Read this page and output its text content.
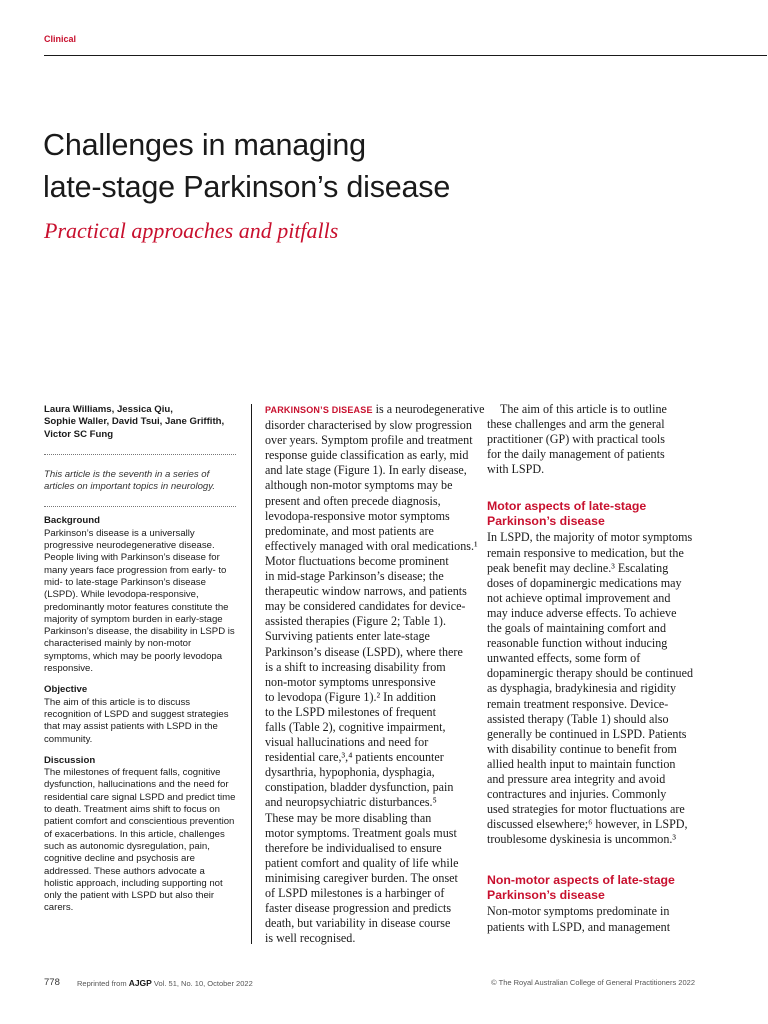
Clinical
Challenges in managing
late-stage Parkinson’s disease
Practical approaches and pitfalls

Laura Williams, Jessica Qiu,
Sophie Waller, David Tsui, Jane Griffith,
Victor SC Fung

This article is the seventh in a series of articles on important topics in neurology.

Background

Parkinson’s disease is a universally progressive neurodegenerative disease. People living with Parkinson’s disease for many years face progression from early- to mid- to late-stage Parkinson’s disease (LSPD). While levodopa-responsive, predominantly motor features constitute the majority of symptom burden in early-stage Parkinson’s disease, the disability in LSPD is characterised mainly by non-motor symptoms, which may be poorly levodopa responsive.

Objective

The aim of this article is to discuss recognition of LSPD and suggest strategies that may assist patients with LSPD in the community.

Discussion

The milestones of frequent falls, cognitive dysfunction, hallucinations and the need for residential care signal LSPD and predict time to death. Treatment aims shift to focus on patient comfort and conscientious prevention of exacerbations. In this article, challenges such as autonomic dysregulation, pain, cognitive decline and psychosis are addressed. These authors advocate a holistic approach, including supporting not only the patient with LSPD but also their carers.

PARKINSON’S DISEASE is a neurodegenerative
disorder characterised by slow progression
over years. Symptom profile and treatment
response guide classification as early, mid
and late stage (Figure 1). In early disease,
although non-motor symptoms may be
present and often precede diagnosis,
levodopa-responsive motor symptoms
predominate, and most patients are
effectively managed with oral medications.¹
Motor fluctuations become prominent
in mid-stage Parkinson’s disease; the
therapeutic window narrows, and patients
may be considered candidates for device-
assisted therapies (Figure 2; Table 1).
Surviving patients enter late-stage
Parkinson’s disease (LSPD), where there
is a shift to increasing disability from
non-motor symptoms unresponsive
to levodopa (Figure 1).² In addition
to the LSPD milestones of frequent
falls (Table 2), cognitive impairment,
visual hallucinations and need for
residential care,³,⁴ patients encounter
dysarthria, hypophonia, dysphagia,
constipation, bladder dysfunction, pain
and neuropsychiatric disturbances.⁵
These may be more disabling than
motor symptoms. Treatment goals must
therefore be individualised to ensure
patient comfort and quality of life while
minimising caregiver burden. The onset
of LSPD milestones is a harbinger of
faster disease progression and predicts
death, but variability in disease course
is well recognised.
The aim of this article is to outline
these challenges and arm the general
practitioner (GP) with practical tools
for the daily management of patients
with LSPD.
Motor aspects of late-stage
Parkinson’s disease
In LSPD, the majority of motor symptoms
remain responsive to medication, but the
peak benefit may decline.³ Escalating
doses of dopaminergic medications may
not achieve optimal improvement and
may induce adverse effects. To achieve
the goals of maintaining comfort and
reasonable function without inducing
unwanted effects, some form of
dopaminergic therapy should be continued
as dysphagia, bradykinesia and rigidity
remain treatment responsive. Device-
assisted therapy (Table 1) should also
generally be continued in LSPD. Patients
with disability continue to benefit from
allied health input to maintain function
and pressure area integrity and avoid
contractures and injuries. Commonly
used strategies for motor fluctuations are
discussed elsewhere;⁶ however, in LSPD,
troublesome dyskinesia is uncommon.³
Non-motor aspects of late-stage
Parkinson’s disease
Non-motor symptoms predominate in
patients with LSPD, and management
778 Reprinted from AJGP Vol. 51, No. 10, October 2022	© The Royal Australian College of General Practitioners 2022
